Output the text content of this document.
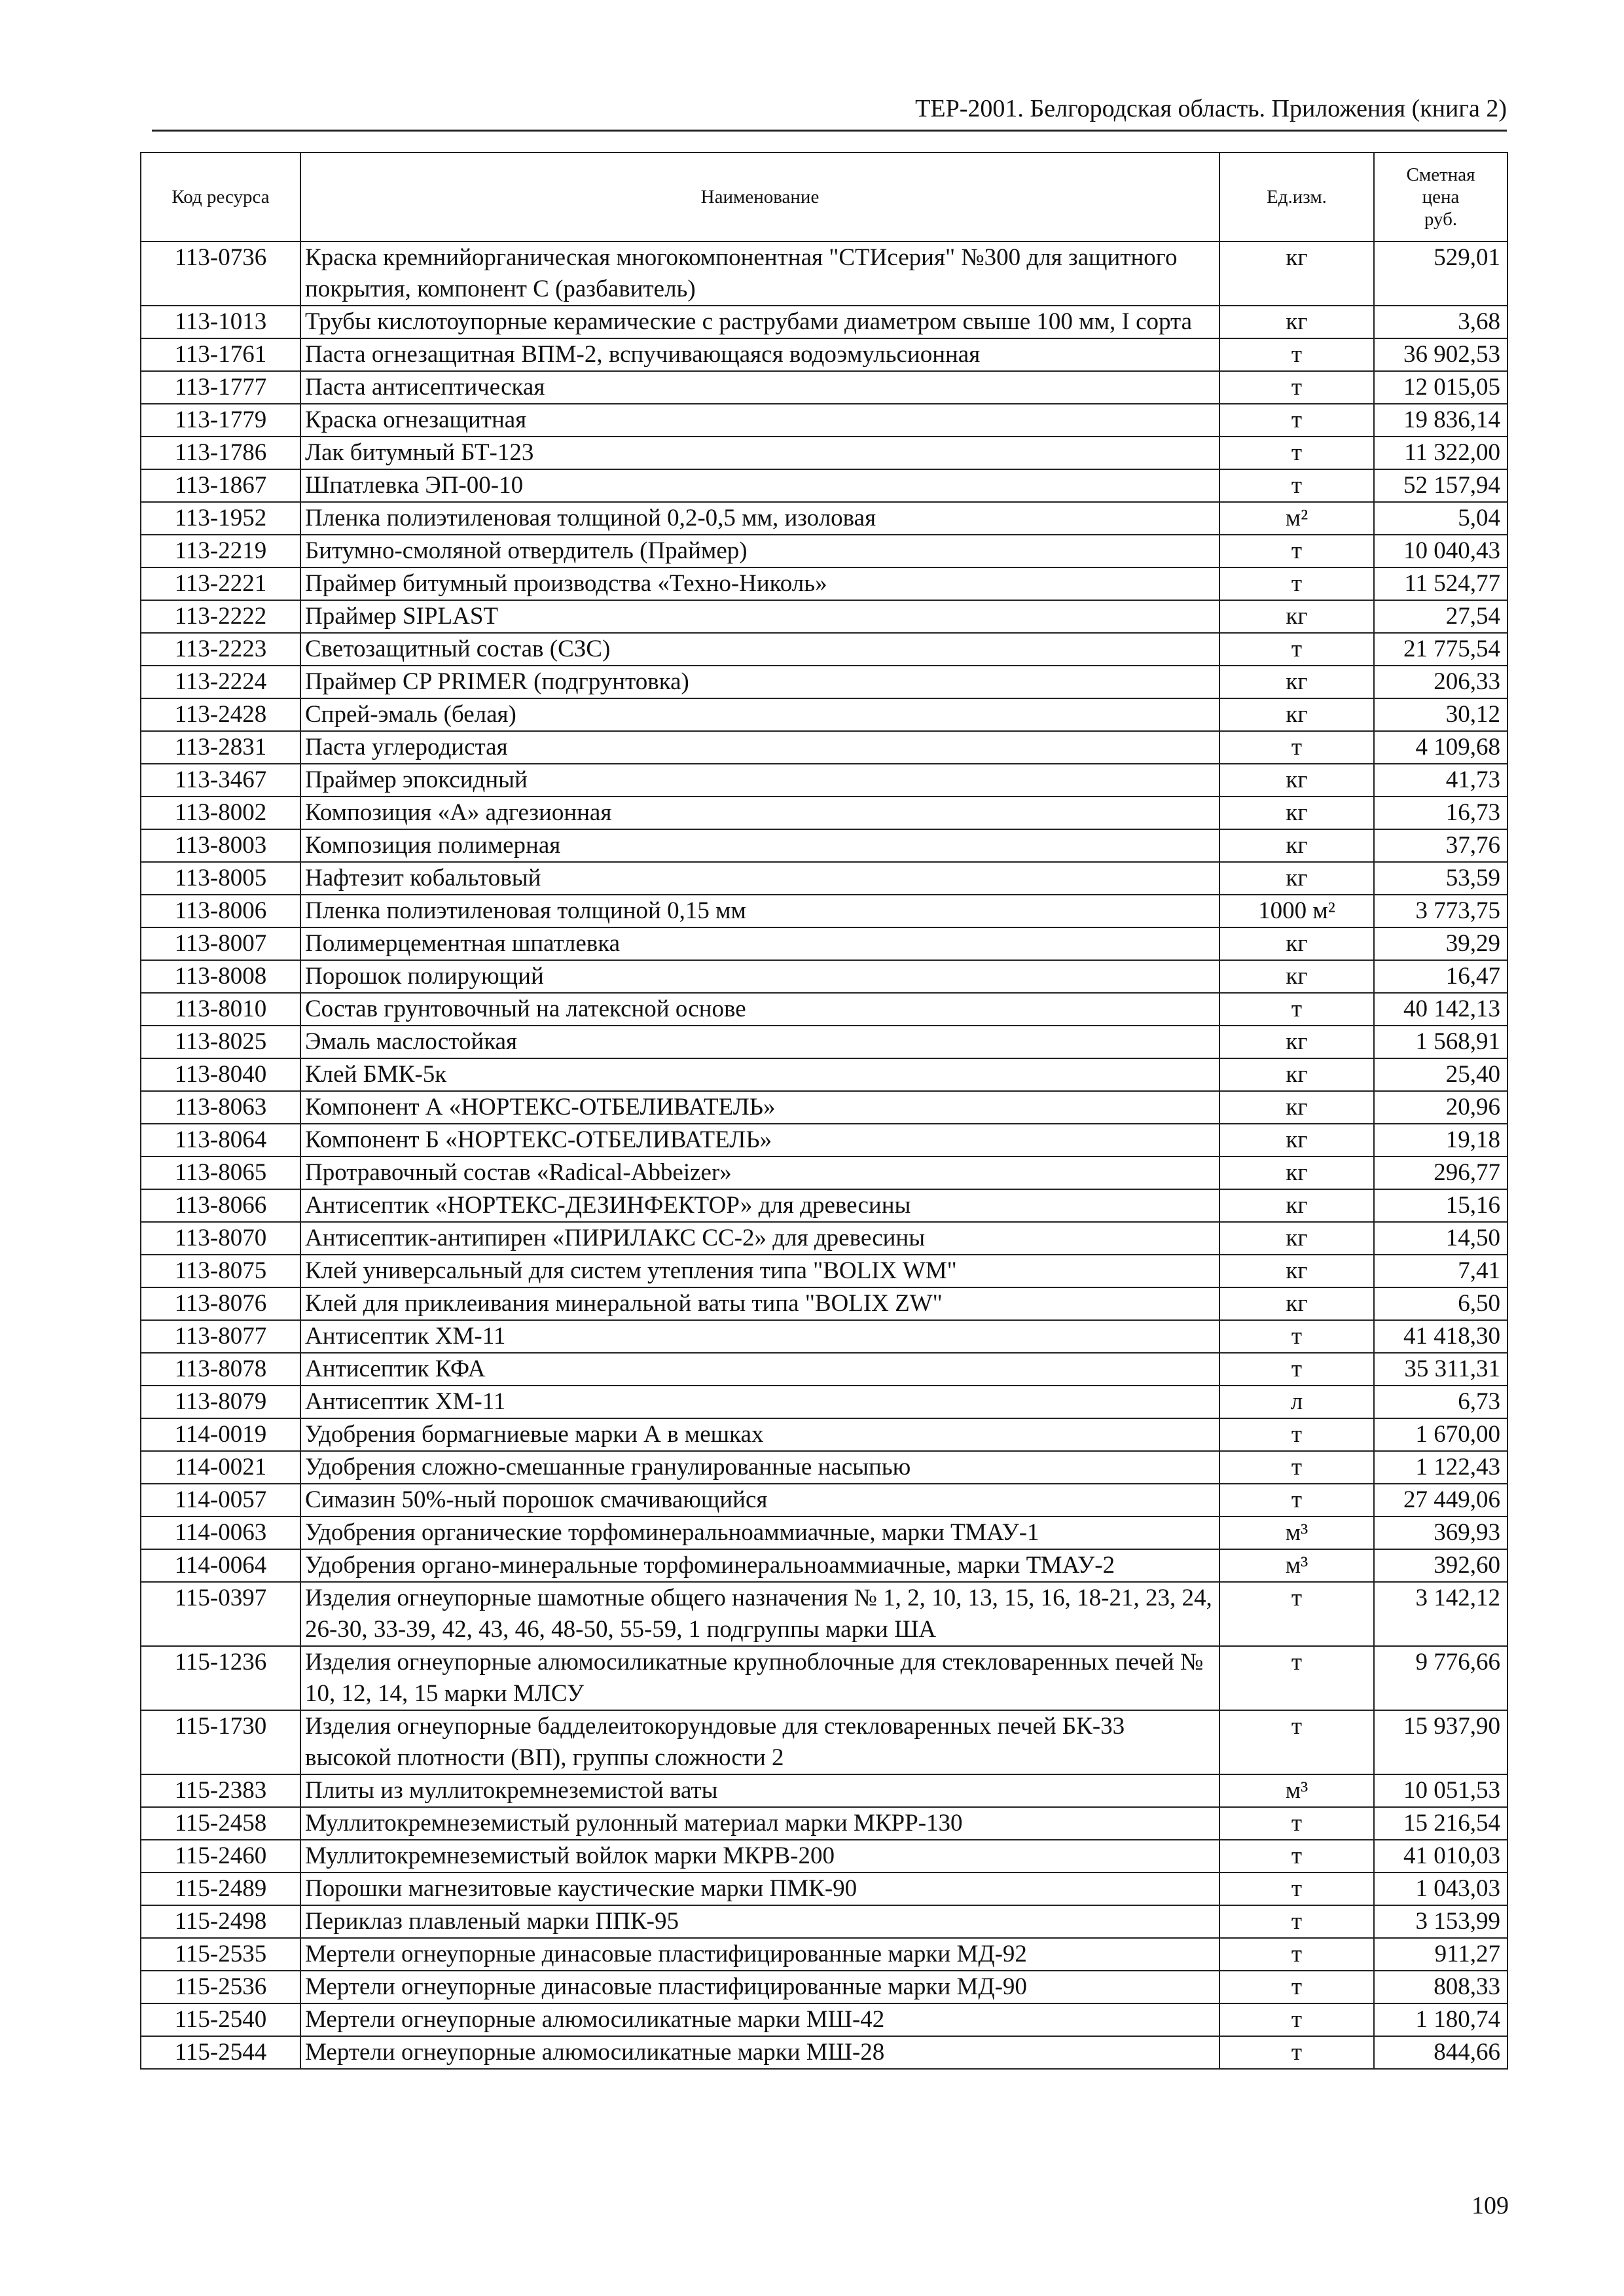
ТЕР-2001. Белгородская область. Приложения (книга 2)
Код ресурса	Наименование	Ед.изм.	Сметная
цена
руб.
113-0736	Краска кремнийорганическая многокомпонентная "СТИсерия" №300 для защитного покрытия, компонент С (разбавитель)	кг	529,01
113-1013	Трубы кислотоупорные керамические с раструбами диаметром свыше 100 мм, I сорта	кг	3,68
113-1761	Паста огнезащитная ВПМ-2, вспучивающаяся водоэмульсионная	т	36 902,53
113-1777	Паста антисептическая	т	12 015,05
113-1779	Краска огнезащитная	т	19 836,14
113-1786	Лак битумный БТ-123	т	11 322,00
113-1867	Шпатлевка ЭП-00-10	т	52 157,94
113-1952	Пленка полиэтиленовая толщиной 0,2-0,5 мм, изоловая	м²	5,04
113-2219	Битумно-смоляной отвердитель (Праймер)	т	10 040,43
113-2221	Праймер битумный производства «Техно-Николь»	т	11 524,77
113-2222	Праймер SIPLAST	кг	27,54
113-2223	Светозащитный состав (СЗС)	т	21 775,54
113-2224	Праймер CP PRIMER (подгрунтовка)	кг	206,33
113-2428	Спрей-эмаль (белая)	кг	30,12
113-2831	Паста углеродистая	т	4 109,68
113-3467	Праймер эпоксидный	кг	41,73
113-8002	Композиция «А» адгезионная	кг	16,73
113-8003	Композиция полимерная	кг	37,76
113-8005	Нафтезит кобальтовый	кг	53,59
113-8006	Пленка полиэтиленовая толщиной 0,15 мм	1000 м²	3 773,75
113-8007	Полимерцементная шпатлевка	кг	39,29
113-8008	Порошок полирующий	кг	16,47
113-8010	Состав грунтовочный на латексной основе	т	40 142,13
113-8025	Эмаль маслостойкая	кг	1 568,91
113-8040	Клей БМК-5к	кг	25,40
113-8063	Компонент А «НОРТЕКС-ОТБЕЛИВАТЕЛЬ»	кг	20,96
113-8064	Компонент Б «НОРТЕКС-ОТБЕЛИВАТЕЛЬ»	кг	19,18
113-8065	Протравочный состав «Radical-Abbeizer»	кг	296,77
113-8066	Антисептик «НОРТЕКС-ДЕЗИНФЕКТОР» для древесины	кг	15,16
113-8070	Антисептик-антипирен «ПИРИЛАКС СС-2» для древесины	кг	14,50
113-8075	Клей универсальный для систем утепления типа "BOLIX WM"	кг	7,41
113-8076	Клей для приклеивания минеральной ваты типа "BOLIX ZW"	кг	6,50
113-8077	Антисептик ХМ-11	т	41 418,30
113-8078	Антисептик КФА	т	35 311,31
113-8079	Антисептик ХМ-11	л	6,73
114-0019	Удобрения бормагниевые марки А в мешках	т	1 670,00
114-0021	Удобрения сложно-смешанные гранулированные насыпью	т	1 122,43
114-0057	Симазин 50%-ный порошок смачивающийся	т	27 449,06
114-0063	Удобрения органические торфоминеральноаммиачные, марки ТМАУ-1	м³	369,93
114-0064	Удобрения органо-минеральные торфоминеральноаммиачные, марки ТМАУ-2	м³	392,60
115-0397	Изделия огнеупорные шамотные общего назначения № 1, 2, 10, 13, 15, 16, 18-21, 23, 24, 26-30, 33-39, 42, 43, 46, 48-50, 55-59, 1 подгруппы марки ША	т	3 142,12
115-1236	Изделия огнеупорные алюмосиликатные крупноблочные для стекловаренных печей № 10, 12, 14, 15 марки МЛСУ	т	9 776,66
115-1730	Изделия огнеупорные бадделеитокорундовые для стекловаренных печей БК-33 высокой плотности (ВП), группы сложности 2	т	15 937,90
115-2383	Плиты из муллитокремнеземистой ваты	м³	10 051,53
115-2458	Муллитокремнеземистый рулонный материал марки МКРР-130	т	15 216,54
115-2460	Муллитокремнеземистый войлок марки МКРВ-200	т	41 010,03
115-2489	Порошки магнезитовые каустические марки ПМК-90	т	1 043,03
115-2498	Периклаз плавленый марки ППК-95	т	3 153,99
115-2535	Мертели огнеупорные динасовые пластифицированные марки МД-92	т	911,27
115-2536	Мертели огнеупорные динасовые пластифицированные марки МД-90	т	808,33
115-2540	Мертели огнеупорные алюмосиликатные марки МШ-42	т	1 180,74
115-2544	Мертели огнеупорные алюмосиликатные марки МШ-28	т	844,66
109
